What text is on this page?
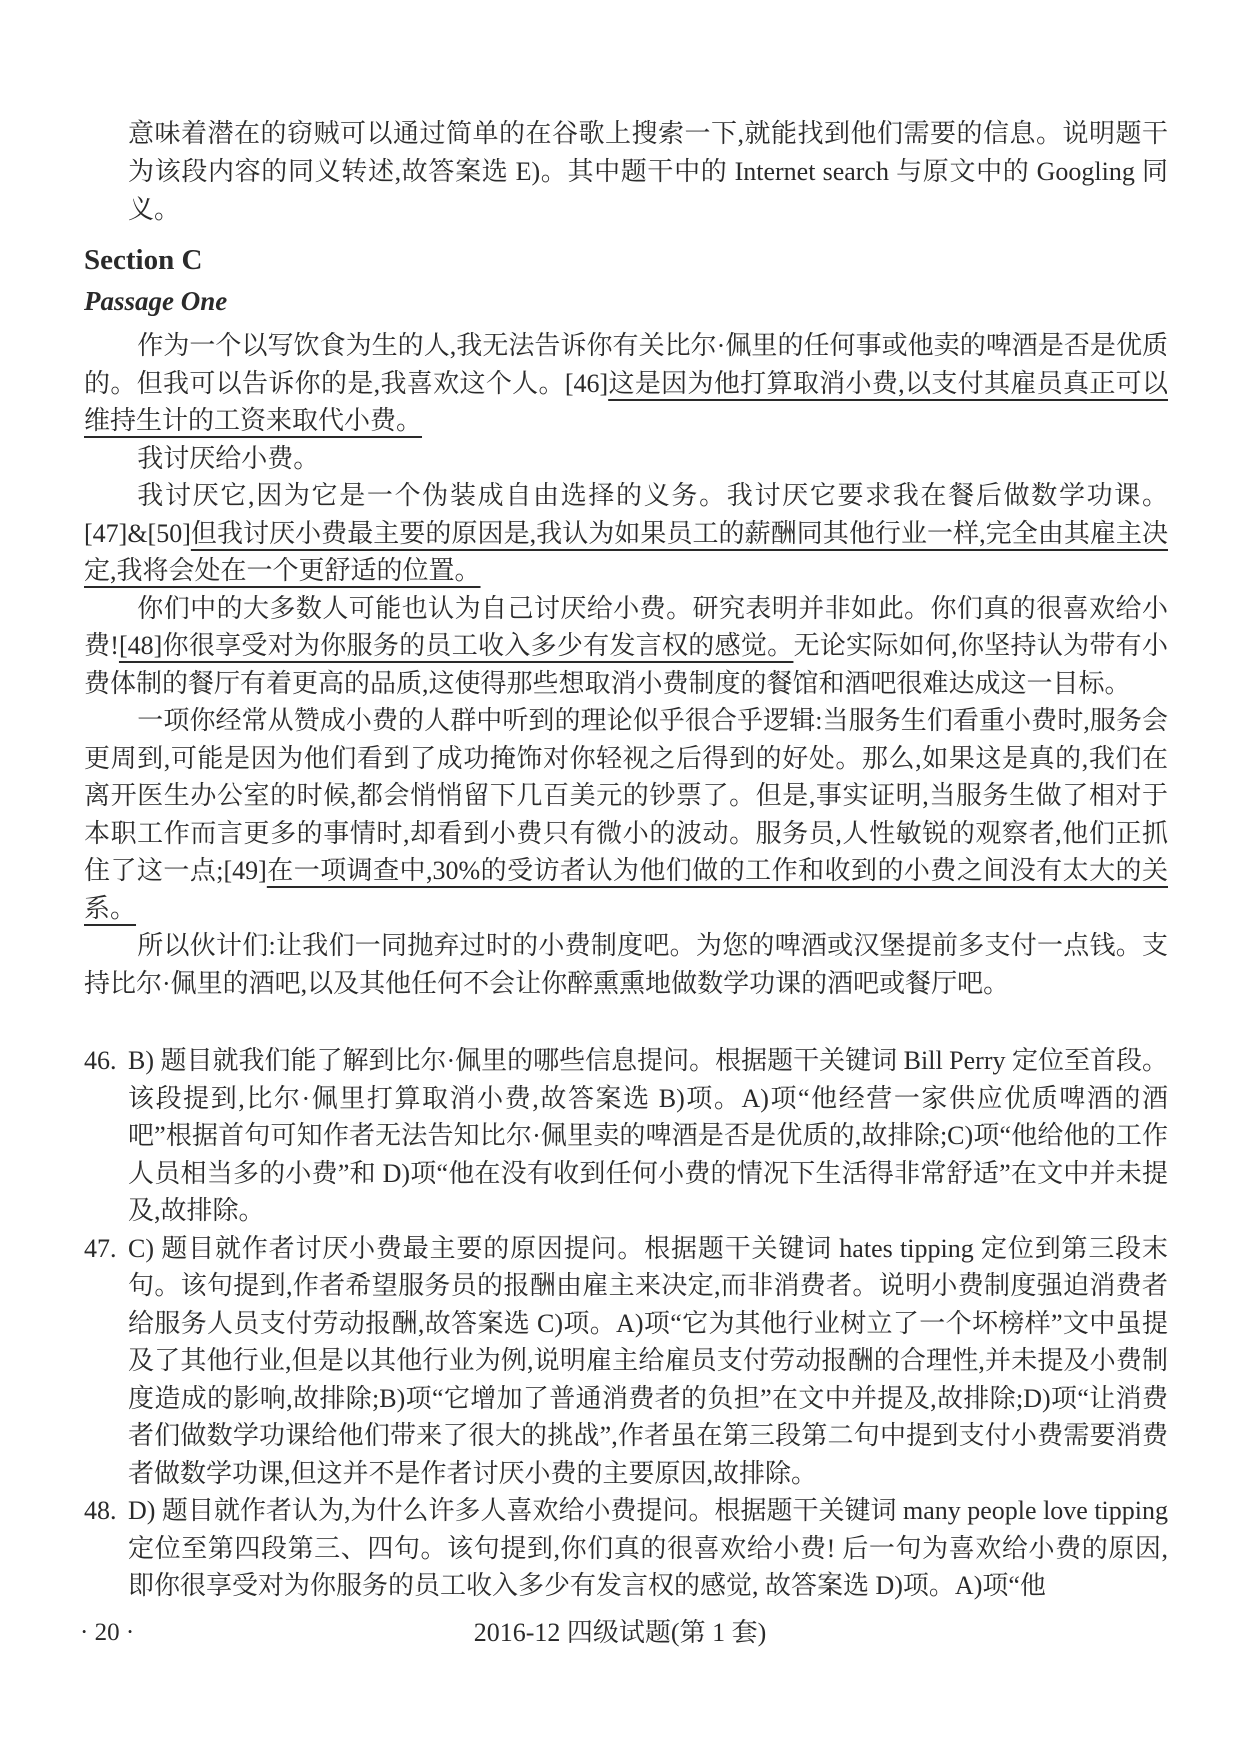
意味着潜在的窃贼可以通过简单的在谷歌上搜索一下,就能找到他们需要的信息。说明题干为该段内容的同义转述,故答案选 E)。其中题干中的 Internet search 与原文中的 Googling 同义。

Section C
Passage One

作为一个以写饮食为生的人,我无法告诉你有关比尔·佩里的任何事或他卖的啤酒是否是优质的。但我可以告诉你的是,我喜欢这个人。[46]这是因为他打算取消小费,以支付其雇员真正可以维持生计的工资来取代小费。

我讨厌给小费。

我讨厌它,因为它是一个伪装成自由选择的义务。我讨厌它要求我在餐后做数学功课。[47]&[50]但我讨厌小费最主要的原因是,我认为如果员工的薪酬同其他行业一样,完全由其雇主决定,我将会处在一个更舒适的位置。

你们中的大多数人可能也认为自己讨厌给小费。研究表明并非如此。你们真的很喜欢给小费![48]你很享受对为你服务的员工收入多少有发言权的感觉。无论实际如何,你坚持认为带有小费体制的餐厅有着更高的品质,这使得那些想取消小费制度的餐馆和酒吧很难达成这一目标。

一项你经常从赞成小费的人群中听到的理论似乎很合乎逻辑:当服务生们看重小费时,服务会更周到,可能是因为他们看到了成功掩饰对你轻视之后得到的好处。那么,如果这是真的,我们在离开医生办公室的时候,都会悄悄留下几百美元的钞票了。但是,事实证明,当服务生做了相对于本职工作而言更多的事情时,却看到小费只有微小的波动。服务员,人性敏锐的观察者,他们正抓住了这一点;[49]在一项调查中,30%的受访者认为他们做的工作和收到的小费之间没有太大的关系。

所以伙计们:让我们一同抛弃过时的小费制度吧。为您的啤酒或汉堡提前多支付一点钱。支持比尔·佩里的酒吧,以及其他任何不会让你醉熏熏地做数学功课的酒吧或餐厅吧。

46. B) 题目就我们能了解到比尔·佩里的哪些信息提问。根据题干关键词 Bill Perry 定位至首段。该段提到,比尔·佩里打算取消小费,故答案选 B)项。A)项“他经营一家供应优质啤酒的酒吧”根据首句可知作者无法告知比尔·佩里卖的啤酒是否是优质的,故排除;C)项“他给他的工作人员相当多的小费”和 D)项“他在没有收到任何小费的情况下生活得非常舒适”在文中并未提及,故排除。
47. C) 题目就作者讨厌小费最主要的原因提问。根据题干关键词 hates tipping 定位到第三段末句。该句提到,作者希望服务员的报酬由雇主来决定,而非消费者。说明小费制度强迫消费者给服务人员支付劳动报酬,故答案选 C)项。A)项“它为其他行业树立了一个坏榜样”文中虽提及了其他行业,但是以其他行业为例,说明雇主给雇员支付劳动报酬的合理性,并未提及小费制度造成的影响,故排除;B)项“它增加了普通消费者的负担”在文中并提及,故排除;D)项“让消费者们做数学功课给他们带来了很大的挑战”,作者虽在第三段第二句中提到支付小费需要消费者做数学功课,但这并不是作者讨厌小费的主要原因,故排除。
48. D) 题目就作者认为,为什么许多人喜欢给小费提问。根据题干关键词 many people love tipping 定位至第四段第三、四句。该句提到,你们真的很喜欢给小费! 后一句为喜欢给小费的原因,即你很享受对为你服务的员工收入多少有发言权的感觉, 故答案选 D)项。A)项“他
· 20 ·	2016-12 四级试题(第 1 套)
